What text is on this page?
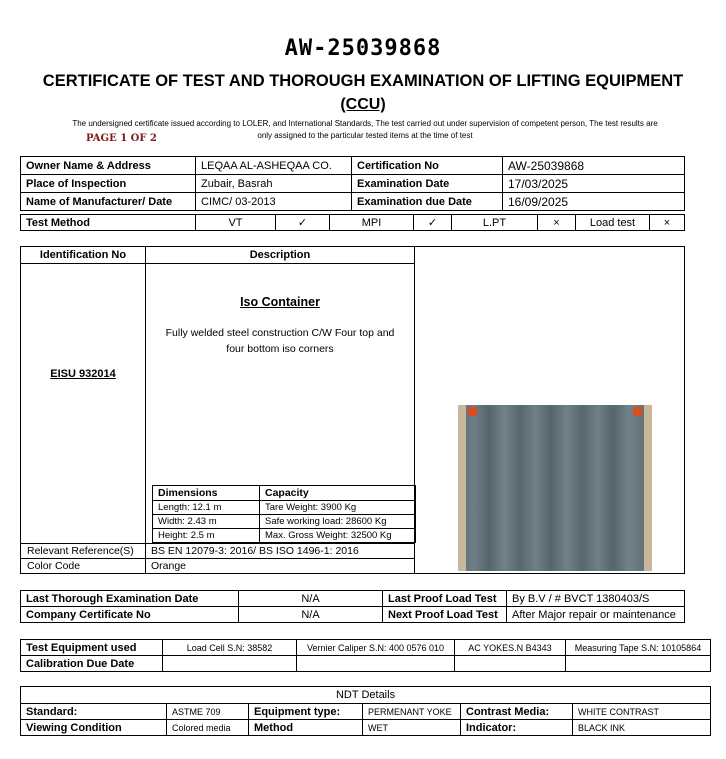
AW-25039868
CERTIFICATE OF TEST AND THOROUGH EXAMINATION OF LIFTING EQUIPMENT
(CCU)
The undersigned certificate issued according to LOLER, and International Standards, The test carried out under supervision of competent person, The test results are
only assigned to the particular tested items at the time of test
PAGE 1 OF 2
Owner Name & Address	LEQAA AL-ASHEQAA CO.	Certification No	AW-25039868
Place of Inspection	Zubair, Basrah	Examination Date	17/03/2025
Name of Manufacturer/ Date	CIMC/ 03-2013	Examination due Date	16/09/2025
Test Method	VT	✓	MPI	✓	L.PT	×	Load test	×
Identification No	Description
EISU 932014
Iso Container
Fully welded steel construction C/W Four top and
four bottom iso corners
Dimensions	Capacity
Length: 12.1 m	Tare Weight: 3900 Kg
Width: 2.43 m	Safe working load: 28600 Kg
Height: 2.5 m	Max. Gross Weight: 32500 Kg
Relevant Reference(S) BS EN 12079-3: 2016/ BS ISO 1496-1: 2016
Color Code	Orange
Last Thorough Examination Date	N/A	Last Proof Load Test	By B.V / # BVCT 1380403/S
Company Certificate No	N/A	Next Proof Load Test	After Major repair or maintenance
Test Equipment used	Load Cell S.N: 38582	Vernier Caliper S.N: 400 0576 010	AC YOKES.N B4343	Measuring Tape S.N: 10105864
Calibration Due Date				
NDT Details					
Standard:	ASTME 709	Equipment type:	PERMENANT YOKE	Contrast Media:	WHITE CONTRAST
Viewing Condition	Colored media	Method	WET	Indicator:	BLACK INK
